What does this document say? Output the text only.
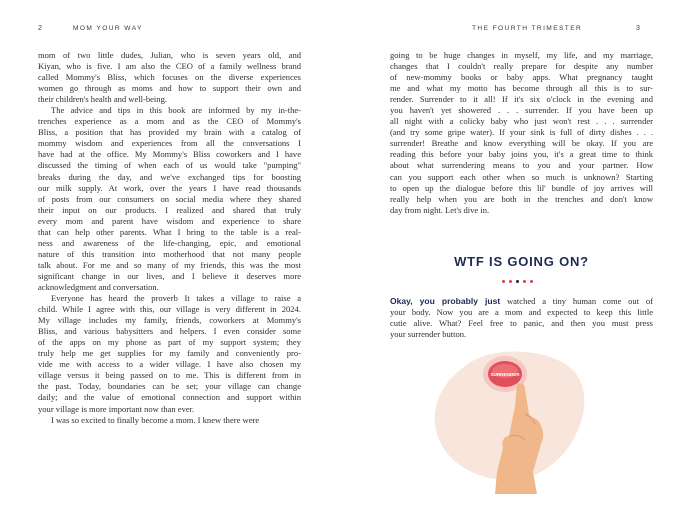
2	MOM YOUR WAY

mom of two little dudes, Julian, who is seven years old, and

Kiyan, who is five. I am also the CEO of a family wellness brand

called Mommy's Bliss, which focuses on the diverse experiences

women go through as moms and how to support their own and

their children's health and well-being.

The advice and tips in this book are informed by my in-the-

trenches experience as a mom and as the CEO of Mommy's

Bliss, a position that has provided my brain with a catalog of

mommy wisdom and experiences from all the conversations I

have had at the office. My Mommy's Bliss coworkers and I have

discussed the timing of when each of us would take "pumping"

breaks during the day, and we've exchanged tips for boosting

our milk supply. At work, over the years I have read thousands

of posts from our consumers on social media where they shared

their input on our products. I realized and shared that truly

every mom and parent have wisdom and experience to share

that can help other parents. What I bring to the table is a real-

ness and awareness of the life-changing, epic, and emotional

nature of this transition into motherhood that not many people

talk about. For me and so many of my friends, this was the most

significant change in our lives, and I believe it deserves more

acknowledgment and conversation.

Everyone has heard the proverb It takes a village to raise a

child. While I agree with this, our village is very different in 2024.

My village includes my family, friends, coworkers at Mommy's

Bliss, and various babysitters and helpers. I even consider some

of the apps on my phone as part of my support system; they

truly help me get supplies for my family and conveniently pro-

vide me with access to a wider village. I have also chosen my

village versus it being passed on to me. This is different from in

the past. Today, boundaries can be set; your village can change

daily; and the value of emotional connection and support within

your village is more important now than ever.

I was so excited to finally become a mom. I knew there were

THE FOURTH TRIMESTER	3

going to be huge changes in myself, my life, and my marriage,

changes that I couldn't really prepare for despite any number

of new-mommy books or baby apps. What pregnancy taught

me and what my motto has become through all this is to sur-

render. Surrender to it all! If it's six o'clock in the evening and

you haven't yet showered . . . surrender. If you have been up

all night with a colicky baby who just won't rest . . . surrender

(and try some gripe water). If your sink is full of dirty dishes . . .

surrender! Breathe and know everything will be okay. If you are

reading this before your baby joins you, it's a great time to think

about what surrendering means to you and your partner. How

can you support each other when so much is unknown? Starting

to open up the dialogue before this lil' bundle of joy arrives will

really help when you are both in the trenches and don't know

day from night. Let's dive in.

WTF IS GOING ON?

Okay, you probably just watched a tiny human come out of

your body. Now you are a mom and expected to keep this little

cutie alive. What? Feel free to panic, and then you must press

your surrender button.

SURRENDER
